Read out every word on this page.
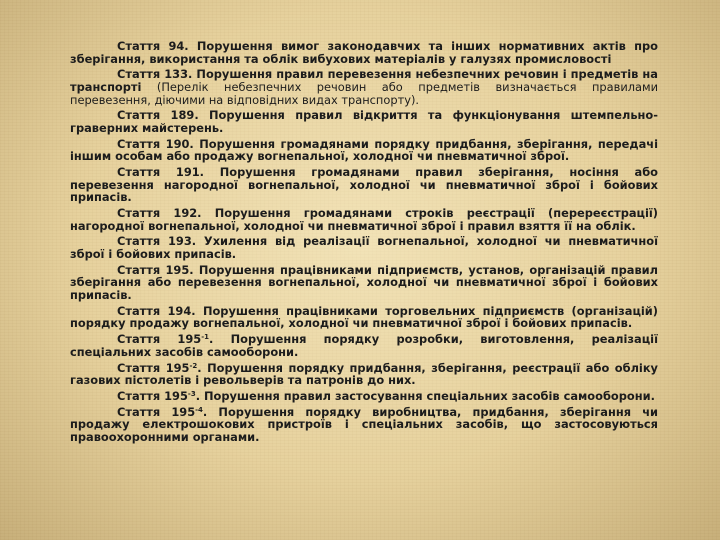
Стаття 94. Порушення вимог законодавчих та інших нормативних актів про зберігання, використання та облік вибухових матеріалів у галузях промисловості

Стаття 133. Порушення правил перевезення небезпечних речовин і предметів на транспорті (Перелік небезпечних речовин або предметів визначається правилами перевезення, діючими на відповідних видах транспорту).

Стаття 189. Порушення правил відкриття та функціонування штемпельно-граверних майстерень.

Стаття 190. Порушення громадянами порядку придбання, зберігання, передачі іншим особам або продажу вогнепальної, холодної чи пневматичної зброї.

Стаття 191. Порушення громадянами правил зберігання, носіння або перевезення нагородної вогнепальної, холодної чи пневматичної зброї і бойових припасів.

Стаття 192. Порушення громадянами строків реєстрації (перереєстрації) нагородної вогнепальної, холодної чи пневматичної зброї і правил взяття її на облік.

Стаття 193. Ухилення від реалізації вогнепальної, холодної чи пневматичної зброї і бойових припасів.

Стаття 195. Порушення працівниками підприємств, установ, організацій правил зберігання або перевезення вогнепальної, холодної чи пневматичної зброї і бойових припасів.

Стаття 194. Порушення працівниками торговельних підприємств (організацій) порядку продажу вогнепальної, холодної чи пневматичної зброї і бойових припасів.

Стаття $195^{-1}$. Порушення порядку розробки, виготовлення, реалізації спеціальних засобів самооборони.

Стаття $195^{-2}$. Порушення порядку придбання, зберігання, реєстрації або обліку газових пістолетів і револьверів та патронів до них.

Стаття $195^{-3}$. Порушення правил застосування спеціальних засобів самооборони.

Стаття $195^{-4}$. Порушення порядку виробництва, придбання, зберігання чи продажу електрошокових пристроїв і спеціальних засобів, що застосовуються правоохоронними органами.
